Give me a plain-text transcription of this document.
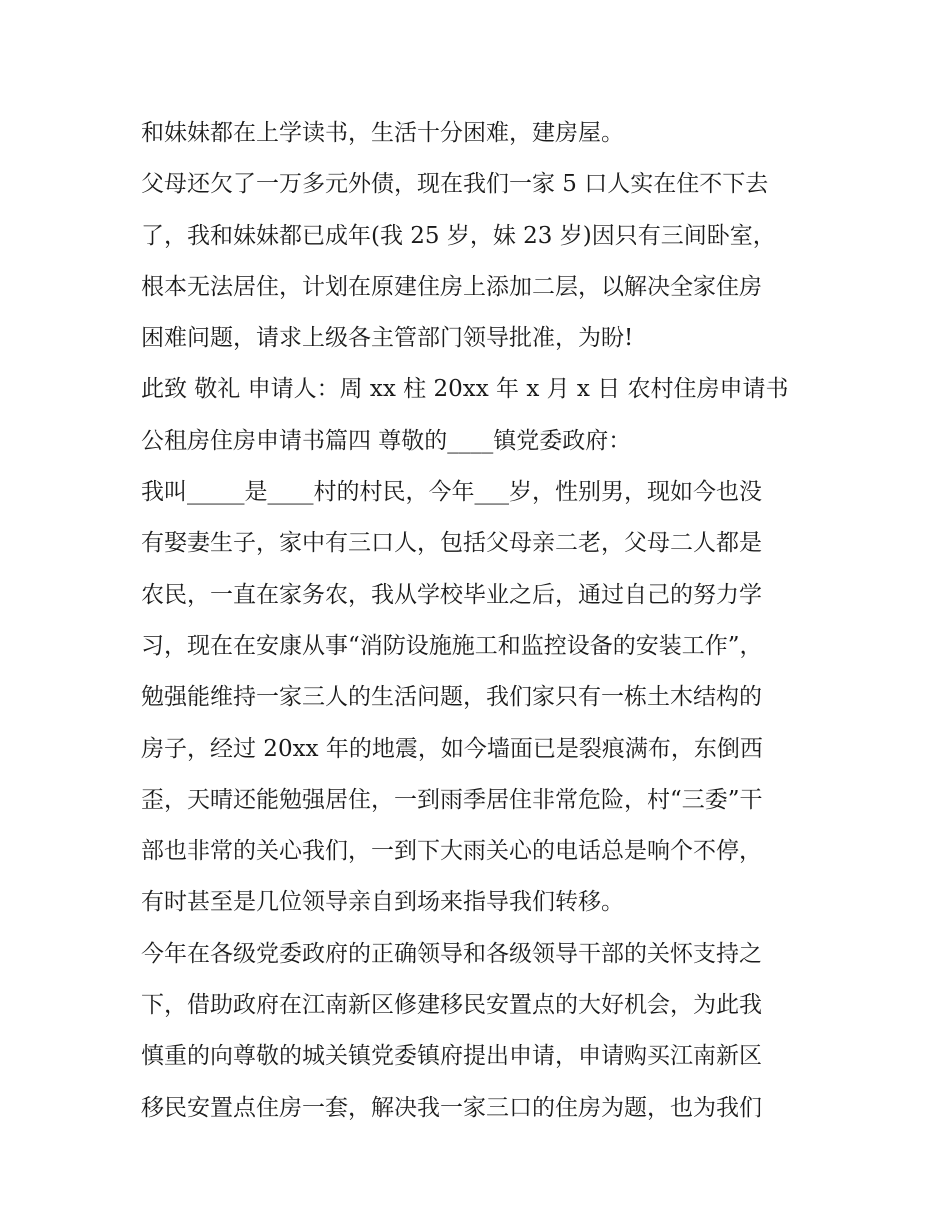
和妹妹都在上学读书，生活十分困难，建房屋。
父母还欠了一万多元外债，现在我们一家 5 口人实在住不下去
了，我和妹妹都已成年(我 25 岁，妹 23 岁)因只有三间卧室，
根本无法居住，计划在原建住房上添加二层，以解决全家住房
困难问题，请求上级各主管部门领导批准，为盼!
此致 敬礼 申请人：周 xx 柱 20xx 年 x 月 x 日 农村住房申请书
公租房住房申请书篇四 尊敬的____镇党委政府：
我叫_____是____村的村民，今年___岁，性别男，现如今也没
有娶妻生子，家中有三口人，包括父母亲二老，父母二人都是
农民，一直在家务农，我从学校毕业之后，通过自己的努力学
习，现在在安康从事“消防设施施工和监控设备的安装工作”，
勉强能维持一家三人的生活问题，我们家只有一栋土木结构的
房子，经过 20xx 年的地震，如今墙面已是裂痕满布，东倒西
歪，天晴还能勉强居住，一到雨季居住非常危险，村“三委”干
部也非常的关心我们，一到下大雨关心的电话总是响个不停，
有时甚至是几位领导亲自到场来指导我们转移。
今年在各级党委政府的正确领导和各级领导干部的关怀支持之
下，借助政府在江南新区修建移民安置点的大好机会，为此我
慎重的向尊敬的城关镇党委镇府提出申请，申请购买江南新区
移民安置点住房一套，解决我一家三口的住房为题，也为我们
